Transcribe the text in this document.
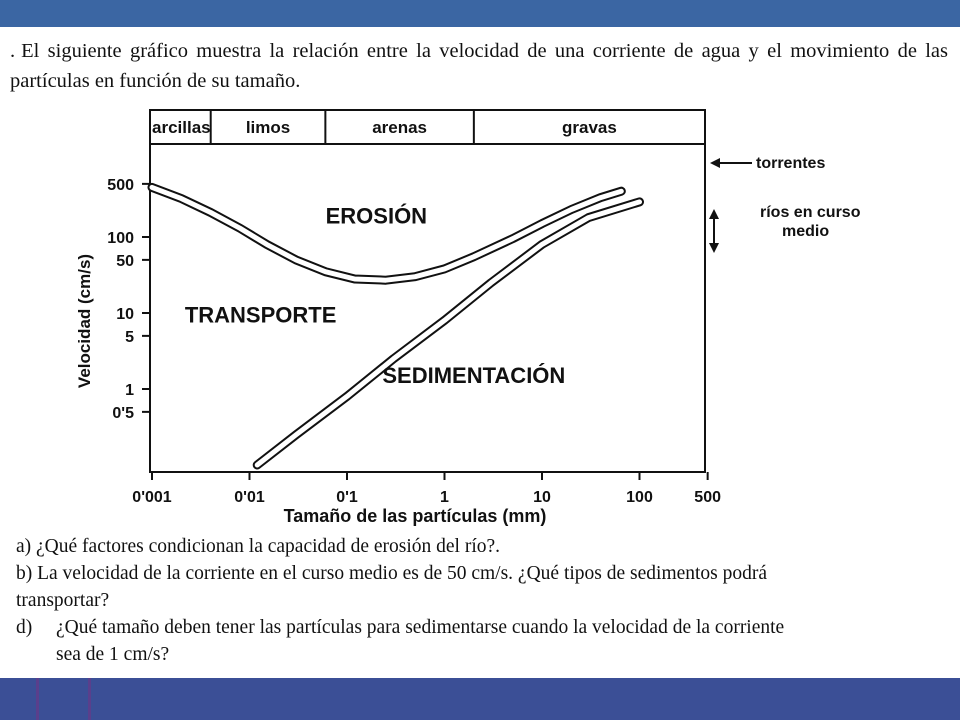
. El siguiente gráfico muestra la relación entre la velocidad de una corriente de agua y el movimiento de las partículas en función de su tamaño.
arcillas limos	arenas	gravas
0'001	0'01	0'1	1	10	100	500
0'5
1
5
10
50
100
500
Tamaño de las partículas (mm)
Velocidad (cm/s)
EROSIÓN
TRANSPORTE
SEDIMENTACIÓN
torrentes
ríos en curso
medio
a) ¿Qué factores condicionan la capacidad de erosión del río?.
b) La velocidad de la corriente en el curso medio es de 50 cm/s. ¿Qué tipos de sedimentos podrá
transportar?
d) ¿Qué tamaño deben tener las partículas para sedimentarse cuando la velocidad de la corriente
sea de 1 cm/s?
